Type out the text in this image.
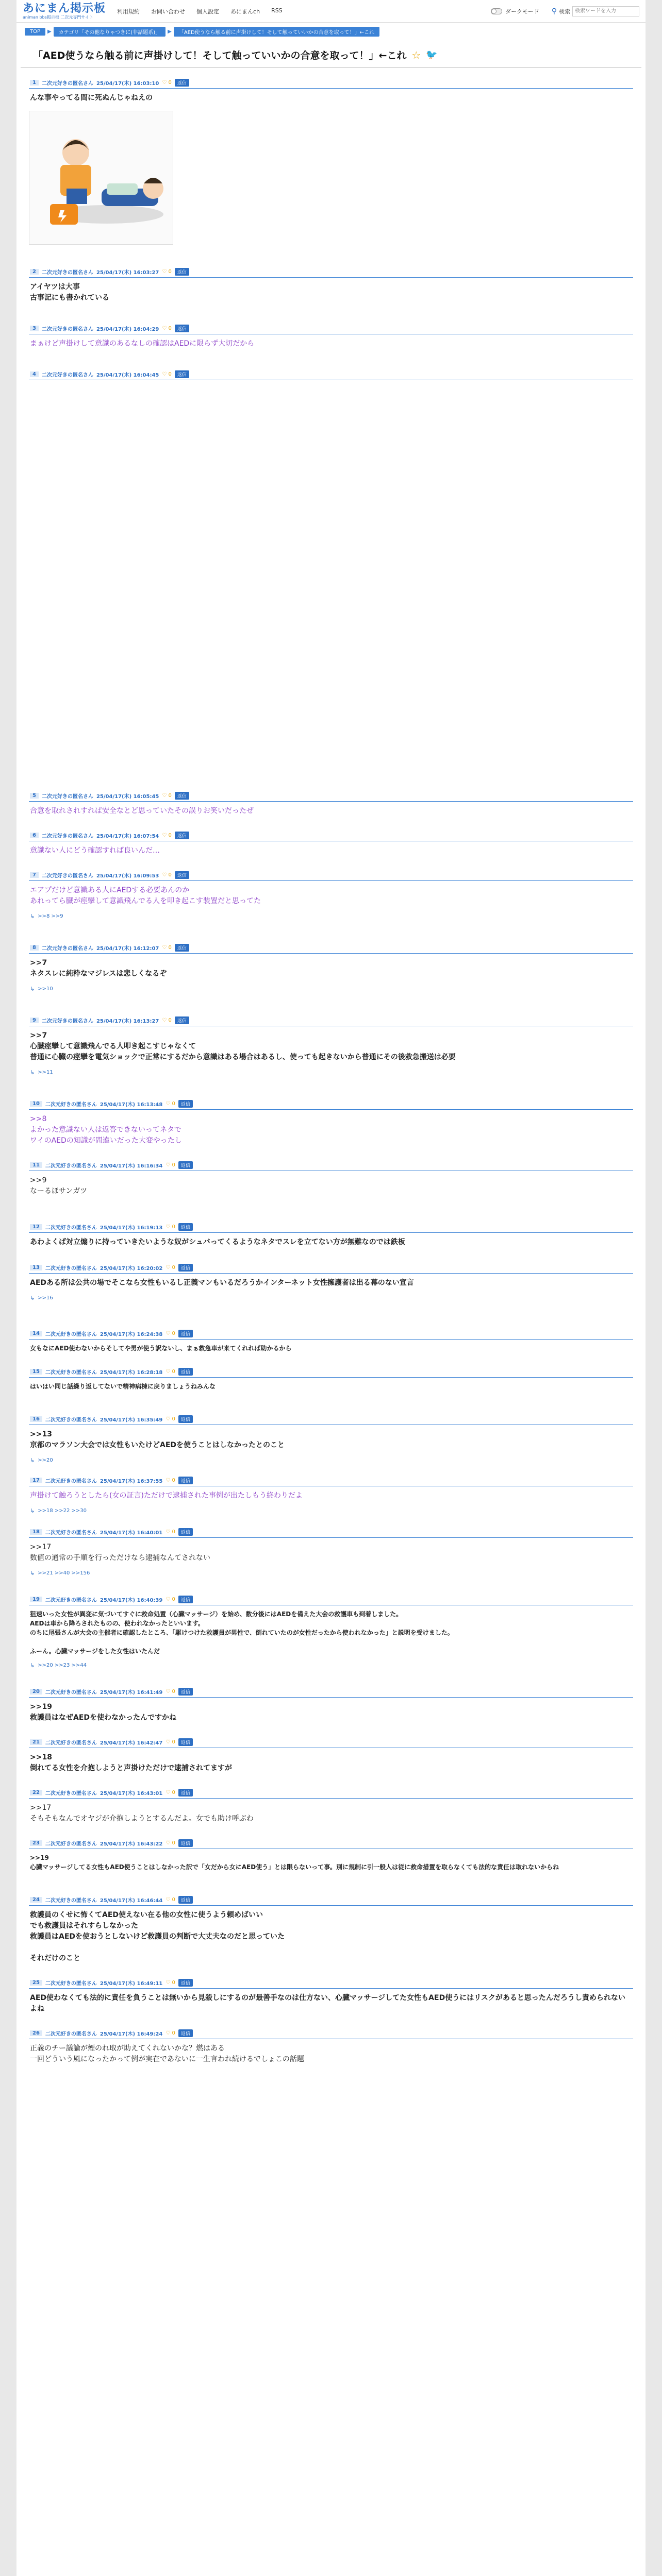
あにまん掲示板
animan bbs掲示板 二次元専門サイト
利用規約 お問い合わせ 個人設定 あにまんch RSS	ダークモード ⚲ 検索
検索ワードを入力
TOP	▶	カテゴリ「その他なりゃつきに(非話題系)」	▶	「AED使うなら触る前に声掛けして！そして触っていいかの合意を取って！」←これ
「AED使うなら触る前に声掛けして！そして触っていいかの合意を取って！」←これ ☆ 🐦
1	二次元好きの匿名さん 25/04/17(木) 16:03:10 ♡ 0	返信
んな事やってる間に死ぬんじゃねえの
2	二次元好きの匿名さん 25/04/17(木) 16:03:27 ♡ 0	返信
アイヤツは大事
古事記にも書かれている
3	二次元好きの匿名さん 25/04/17(木) 16:04:29 ♡ 0	返信
まぁけど声掛けして意識のあるなしの確認はAEDに限らず大切だから
4	二次元好きの匿名さん 25/04/17(木) 16:04:45 ♡ 0	返信
5	二次元好きの匿名さん 25/04/17(木) 16:05:45 ♡ 0	返信
合意を取れされすれば安全なとど思っていたその誤りお笑いだったぜ
6	二次元好きの匿名さん 25/04/17(木) 16:07:54 ♡ 0	返信
意識ない人にどう確認すれば良いんだ…
7	二次元好きの匿名さん 25/04/17(木) 16:09:53 ♡ 0	返信
エアプだけど意識ある人にAEDする必要あんのか
あれってら臓が痙攣して意識飛んでる人を叩き起こす装置だと思ってた
↳ >>8 >>9
8	二次元好きの匿名さん 25/04/17(木) 16:12:07 ♡ 0	返信
>>7
ネタスレに純粋なマジレスは悲しくなるぞ
↳ >>10
9	二次元好きの匿名さん 25/04/17(木) 16:13:27 ♡ 0	返信
>>7
心臓痙攣して意識飛んでる人叩き起こすじゃなくて
普通に心臓の痙攣を電気ショックで正常にするだから意識はある場合はあるし、使っても起きないから普通にその後救急搬送は必要
↳ >>11
10	二次元好きの匿名さん 25/04/17(木) 16:13:48 ♡ 0	返信
>>8
よかった意識ない人は返答できないってネタで
ワイのAEDの知識が間違いだった大変やったし
11	二次元好きの匿名さん 25/04/17(木) 16:16:34 ♡ 0	返信
>>9
なーるほサンガツ
12	二次元好きの匿名さん 25/04/17(木) 16:19:13 ♡ 0	返信
あわよくば対立煽りに持っていきたいような奴がシュバってくるようなネタでスレを立てない方が無難なのでは鉄板
13	二次元好きの匿名さん 25/04/17(木) 16:20:02 ♡ 0	返信
AEDある所は公共の場でそこなら女性もいるし正義マンもいるだろうかインターネット女性擁護者は出る幕のない宣言
↳ >>16
14	二次元好きの匿名さん 25/04/17(木) 16:24:38 ♡ 0	返信
女もなにAED使わないからそしてや男が使う訳ないし、まぁ救急車が来てくれれば助かるから
15	二次元好きの匿名さん 25/04/17(木) 16:28:18 ♡ 0	返信
はいはい同じ話繰り返してないで精神病棟に戻りましょうねみんな
16	二次元好きの匿名さん 25/04/17(木) 16:35:49 ♡ 0	返信
>>13
京都のマラソン大会では女性もいたけどAEDを使うことはしなかったとのこと
↳ >>20
17	二次元好きの匿名さん 25/04/17(木) 16:37:55 ♡ 0	返信
声掛けて触ろうとしたら(女の証言)ただけで逮捕された事例が出たしもう終わりだよ
↳ >>18 >>22 >>30
18	二次元好きの匿名さん 25/04/17(木) 16:40:01 ♡ 0	返信
>>17
数値の通常の手順を行っただけなら逮捕なんてされない
↳ >>21 >>40 >>156
19	二次元好きの匿名さん 25/04/17(木) 16:40:39 ♡ 0	返信
狙速いった女性が異変に気づいてすぐに救命処置（心臓マッサージ）を始め、数分後にはAEDを備えた大会の救護車も到着しました。
AEDは車から降ろされたものの、使われなかったといいます。
のちに尾張さんが大会の主催者に確認したところ、「駆けつけた救護員が男性で、倒れていたのが女性だったから使われなかった」と説明を受けました。

ふーん。心臓マッサージをした女性はいたんだ
↳ >>20 >>23 >>44
20	二次元好きの匿名さん 25/04/17(木) 16:41:49 ♡ 0	返信
>>19
救護員はなぜAEDを使わなかったんですかね
21	二次元好きの匿名さん 25/04/17(木) 16:42:47 ♡ 0	返信
>>18
倒れてる女性を介抱しようと声掛けただけで逮捕されてますが
22	二次元好きの匿名さん 25/04/17(木) 16:43:01 ♡ 0	返信
>>17
そもそもなんでオヤジが介抱しようとするんだよ。女でも助け呼ぶわ
23	二次元好きの匿名さん 25/04/17(木) 16:43:22 ♡ 0	返信
>>19
心臓マッサージしてる女性もAED使うことはしなかった訳で「女だから女にAED使う」とは限らないって事。別に規制に引一般人は従に救命措置を取らなくても法的な責任は取れないからね
24	二次元好きの匿名さん 25/04/17(木) 16:46:44 ♡ 0	返信
救護員のくせに怖くてAED使えない在る他の女性に使うよう頼めばいい
でも救護員はそれすらしなかった
救護員はAEDを使おうとしないけど救護員の判断で大丈夫なのだと思っていた

それだけのこと
25	二次元好きの匿名さん 25/04/17(木) 16:49:11 ♡ 0	返信
AED使わなくても法的に責任を負うことは無いから見殺しにするのが最善手なのは仕方ない、心臓マッサージしてた女性もAED使うにはリスクがあると思ったんだろうし責められないよね
26	二次元好きの匿名さん 25/04/17(木) 16:49:24 ♡ 0	返信
正義のチー議論が煙のれ取が助えてくれないかな？燃はある
一回どういう風になったかって例が実在であないに一生言われ続けるでしょこの話題
